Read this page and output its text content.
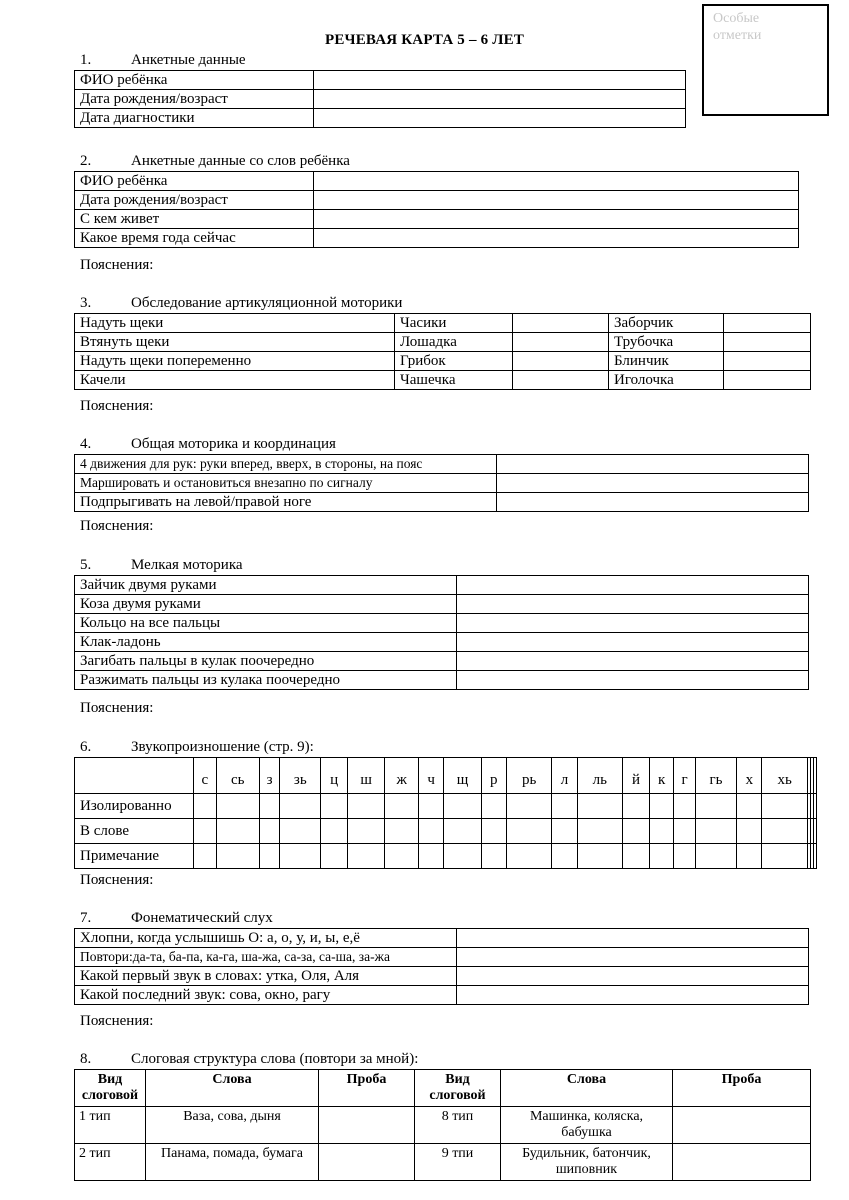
Особые
отметки
РЕЧЕВАЯ КАРТА 5 – 6 ЛЕТ
1.	Анкетные данные
ФИО ребёнка	
Дата рождения/возраст	
Дата диагностики	
2.	Анкетные данные со слов ребёнка
ФИО ребёнка	
Дата рождения/возраст	
С кем живет	
Какое время года сейчас	
Пояснения:
3.	Обследование артикуляционной моторики
Надуть щеки	Часики		Заборчик	
Втянуть щеки	Лошадка		Трубочка	
Надуть щеки попеременно	Грибок		Блинчик	
Качели	Чашечка		Иголочка	
Пояснения:
4.	Общая моторика и координация
4 движения для рук: руки вперед, вверх, в стороны, на пояс	
Маршировать и остановиться внезапно по сигналу	
Подпрыгивать на левой/правой ноге	
Пояснения:
5.	Мелкая моторика
Зайчик двумя руками	
Коза двумя руками	
Кольцо на все пальцы	
Клак-ладонь	
Загибать пальцы в кулак поочередно	
Разжимать пальцы из кулака поочередно	
Пояснения:
6.	Звукопроизношение (стр. 9):
	с	сь	з	зь	ц	ш	ж	ч	щ	р	рь	л	ль	й	к	г	гь	х	хь			
Изолированно																						
В слове																						
Примечание																						
Пояснения:
7.	Фонематический слух
Хлопни, когда услышишь О: а, о, у, и, ы, е,ё	
Повтори:да-та, ба-па, ка-га, ша-жа, са-за, са-ша, за-жа	
Какой первый звук в словах: утка, Оля, Аля	
Какой последний звук: сова, окно, рагу	
Пояснения:
8.	Слоговая структура слова (повтори за мной):
Вид слоговой	Слова	Проба	Вид слоговой	Слова	Проба
1 тип	Ваза, сова, дыня		8 тип	Машинка, коляска, бабушка	
2 тип	Панама, помада, бумага		9 тпи	Будильник, батончик, шиповник	
